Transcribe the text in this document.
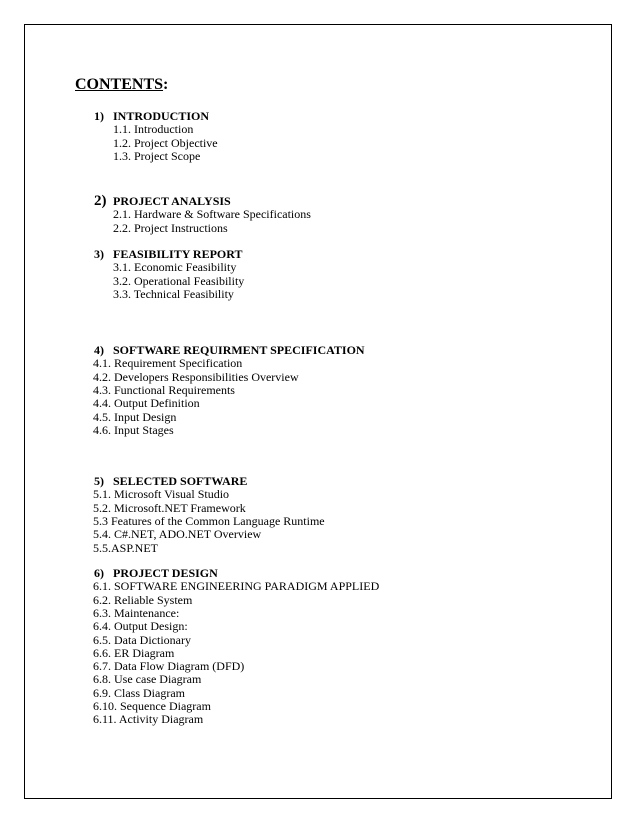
CONTENTS:
1) INTRODUCTION
1.1. Introduction
1.2. Project Objective
1.3. Project Scope
2) PROJECT ANALYSIS
2.1. Hardware & Software Specifications
2.2. Project Instructions
3) FEASIBILITY REPORT
3.1. Economic Feasibility
3.2. Operational Feasibility
3.3. Technical Feasibility
4) SOFTWARE REQUIRMENT SPECIFICATION
4.1. Requirement Specification
4.2. Developers Responsibilities Overview
4.3. Functional Requirements
4.4. Output Definition
4.5. Input Design
4.6. Input Stages
5) SELECTED SOFTWARE
5.1. Microsoft Visual Studio
5.2. Microsoft.NET Framework
5.3 Features of the Common Language Runtime
5.4. C#.NET, ADO.NET Overview
5.5.ASP.NET
6) PROJECT DESIGN
6.1. SOFTWARE ENGINEERING PARADIGM APPLIED
6.2. Reliable System
6.3. Maintenance:
6.4. Output Design:
6.5. Data Dictionary
6.6. ER Diagram
6.7. Data Flow Diagram (DFD)
6.8. Use case Diagram
6.9. Class Diagram
6.10. Sequence Diagram
6.11. Activity Diagram
